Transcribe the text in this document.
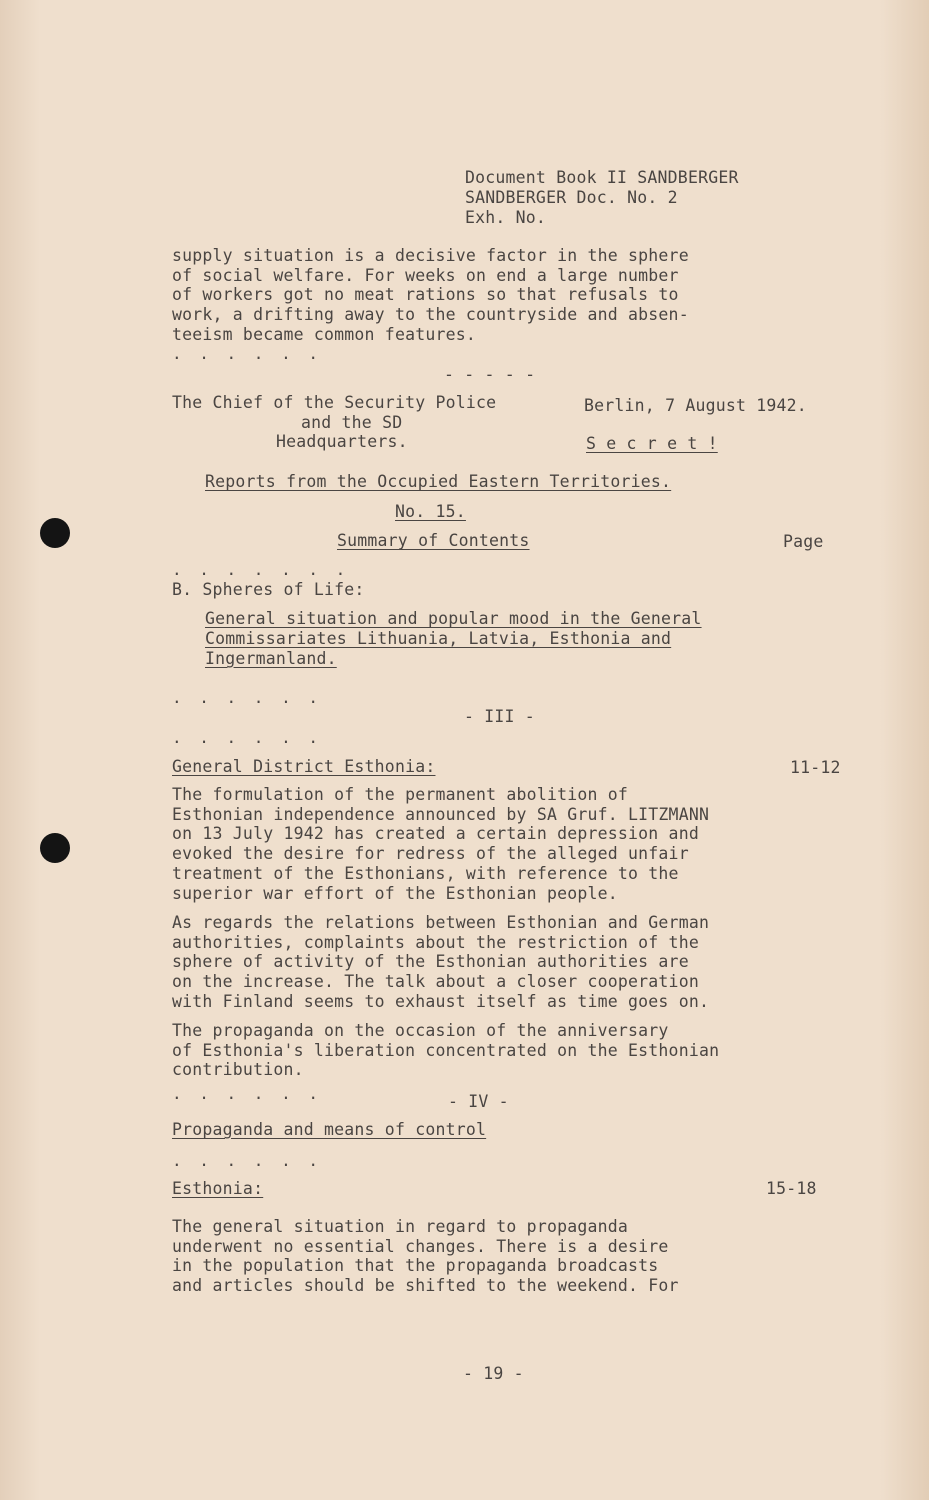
Document Book II SANDBERGER
SANDBERGER Doc. No. 2
Exh. No.
supply situation is a decisive factor in the sphere
of social welfare. For weeks on end a large number
of workers got no meat rations so that refusals to
work, a drifting away to the countryside and absen-
teeism became common features.
. . . . . .
- - - - -
The Chief of the Security Police
and the SD
Headquarters.
Berlin, 7 August 1942.
S e c r e t !
Reports from the Occupied Eastern Territories.
No. 15.
Summary of Contents	Page
. . . . . . .
B. Spheres of Life:
General situation and popular mood in the General
Commissariates Lithuania, Latvia, Esthonia and
Ingermanland.
. . . . . .
- III -
. . . . . .
General District Esthonia:	11-12
The formulation of the permanent abolition of
Esthonian independence announced by SA Gruf. LITZMANN
on 13 July 1942 has created a certain depression and
evoked the desire for redress of the alleged unfair
treatment of the Esthonians, with reference to the
superior war effort of the Esthonian people.
As regards the relations between Esthonian and German
authorities, complaints about the restriction of the
sphere of activity of the Esthonian authorities are
on the increase. The talk about a closer cooperation
with Finland seems to exhaust itself as time goes on.
The propaganda on the occasion of the anniversary
of Esthonia's liberation concentrated on the Esthonian
contribution.
. . . . . .	- IV -
Propaganda and means of control
. . . . . .
Esthonia:	15-18
The general situation in regard to propaganda
underwent no essential changes. There is a desire
in the population that the propaganda broadcasts
and articles should be shifted to the weekend. For
- 19 -
